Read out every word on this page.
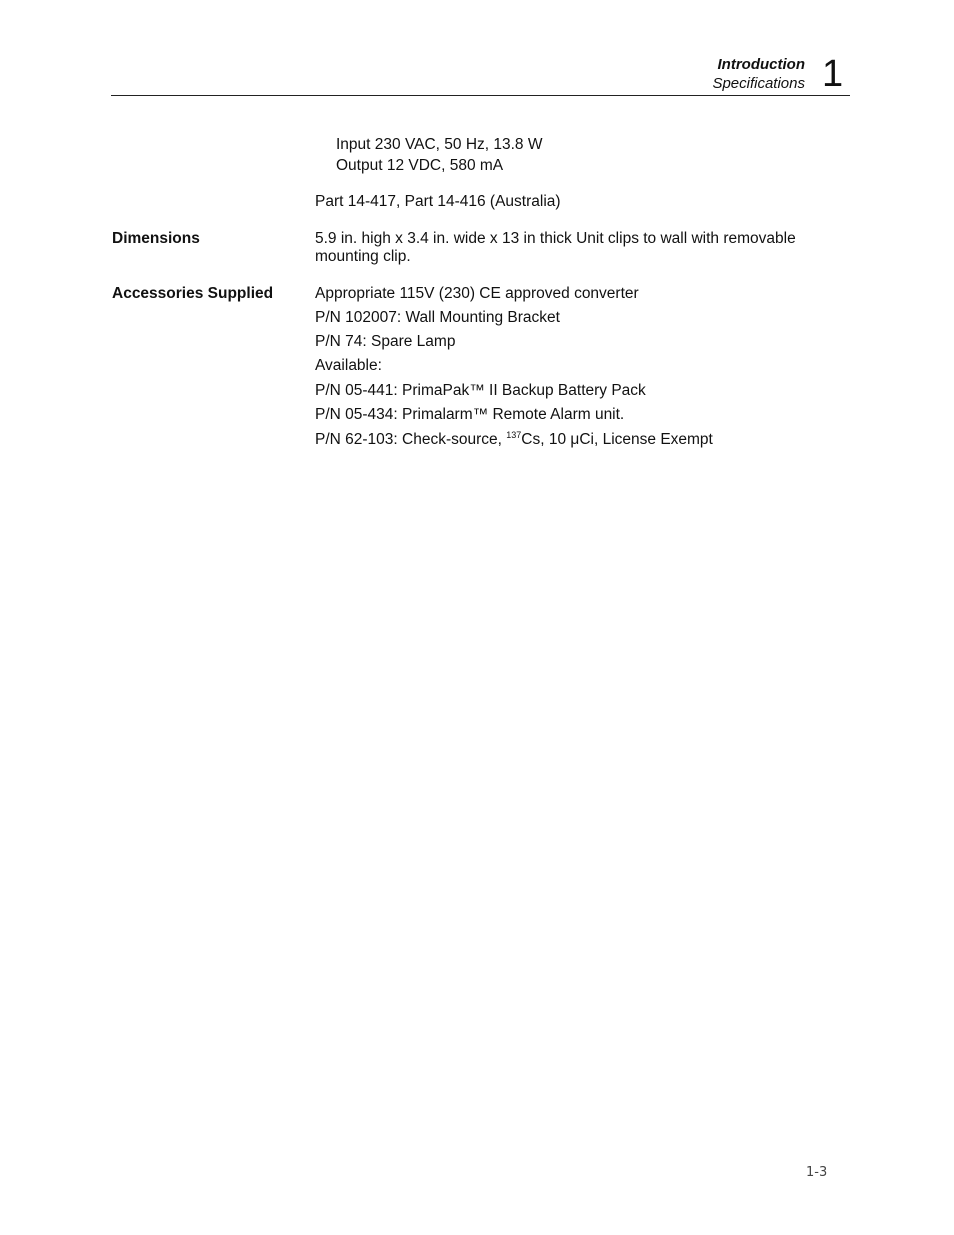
Introduction
Specifications 1
Input 230 VAC, 50 Hz, 13.8 W
Output 12 VDC, 580 mA
Part 14-417, Part 14-416 (Australia)
Dimensions	5.9 in. high x 3.4 in. wide x 13 in thick Unit clips to wall with removable mounting clip.
Accessories Supplied	Appropriate 115V (230) CE approved converter
P/N 102007: Wall Mounting Bracket
P/N 74: Spare Lamp
Available:
P/N 05-441: PrimaPak™ II Backup Battery Pack
P/N 05-434: Primalarm™ Remote Alarm unit.
P/N 62-103: Check-source, $^{137}$Cs, 10 μCi, License Exempt
1-3
